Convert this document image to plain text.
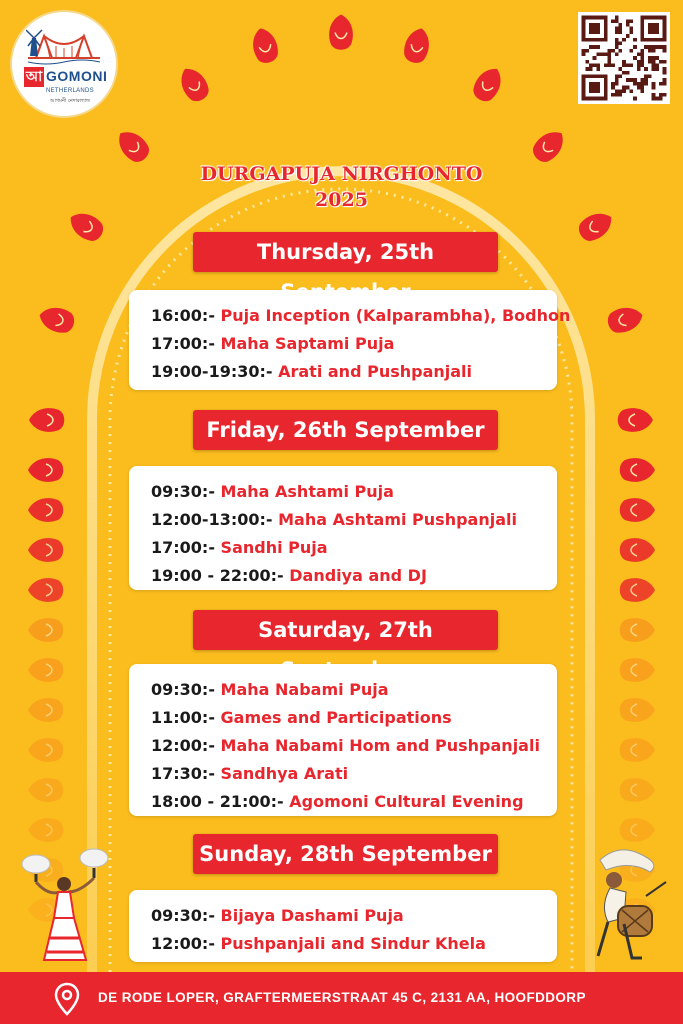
আ GOMONI
NETHERLANDS
আগমনী নেদারল্যান্ড
DURGAPUJA NIRGHONTO
2025
Thursday, 25th
16:00:- Puja Inception (Kalparambha), Bodhon
17:00:- Maha Saptami Puja
19:00-19:30:- Arati and Pushpanjali
Friday, 26th September
09:30:- Maha Ashtami Puja
12:00-13:00:- Maha Ashtami Pushpanjali
17:00:- Sandhi Puja
19:00 - 22:00:- Dandiya and DJ
Saturday, 27th
09:30:- Maha Nabami Puja
11:00:- Games and Participations
12:00:- Maha Nabami Hom and Pushpanjali
17:30:- Sandhya Arati
18:00 - 21:00:- Agomoni Cultural Evening
Sunday, 28th September
09:30:- Bijaya Dashami Puja
12:00:- Pushpanjali and Sindur Khela
DE RODE LOPER, GRAFTERMEERSTRAAT 45 C, 2131 AA, HOOFDDORP
